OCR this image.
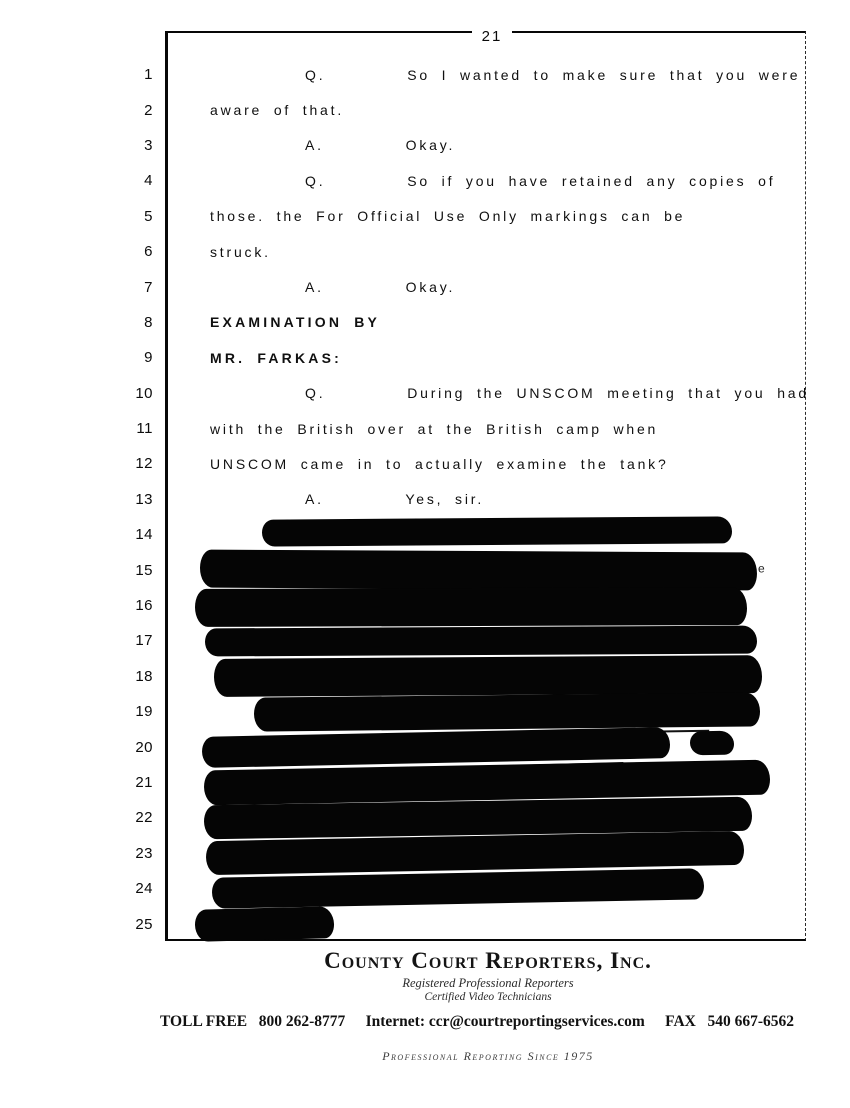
21
1	Q.       So I wanted to make sure that you were
2	aware of that.
3	A.       Okay.
4	Q.       So if you have retained any copies of
5	those. the For Official Use Only markings can be
6	struck.
7	A.       Okay.
8	EXAMINATION BY
9	MR. FARKAS:
10	Q.       During the UNSCOM meeting that you had
11	with the British over at the British camp when
12	UNSCOM came in to actually examine the tank?
13	A.       Yes, sir.
14
15	e
16
17
18
19
20
21
22
23
24
25
County Court Reporters, Inc.
Registered Professional Reporters
Certified Video Technicians
TOLL FREE   800 262-8777 Internet: ccr@courtreportingservices.com FAX   540 667-6562
Professional Reporting Since 1975
